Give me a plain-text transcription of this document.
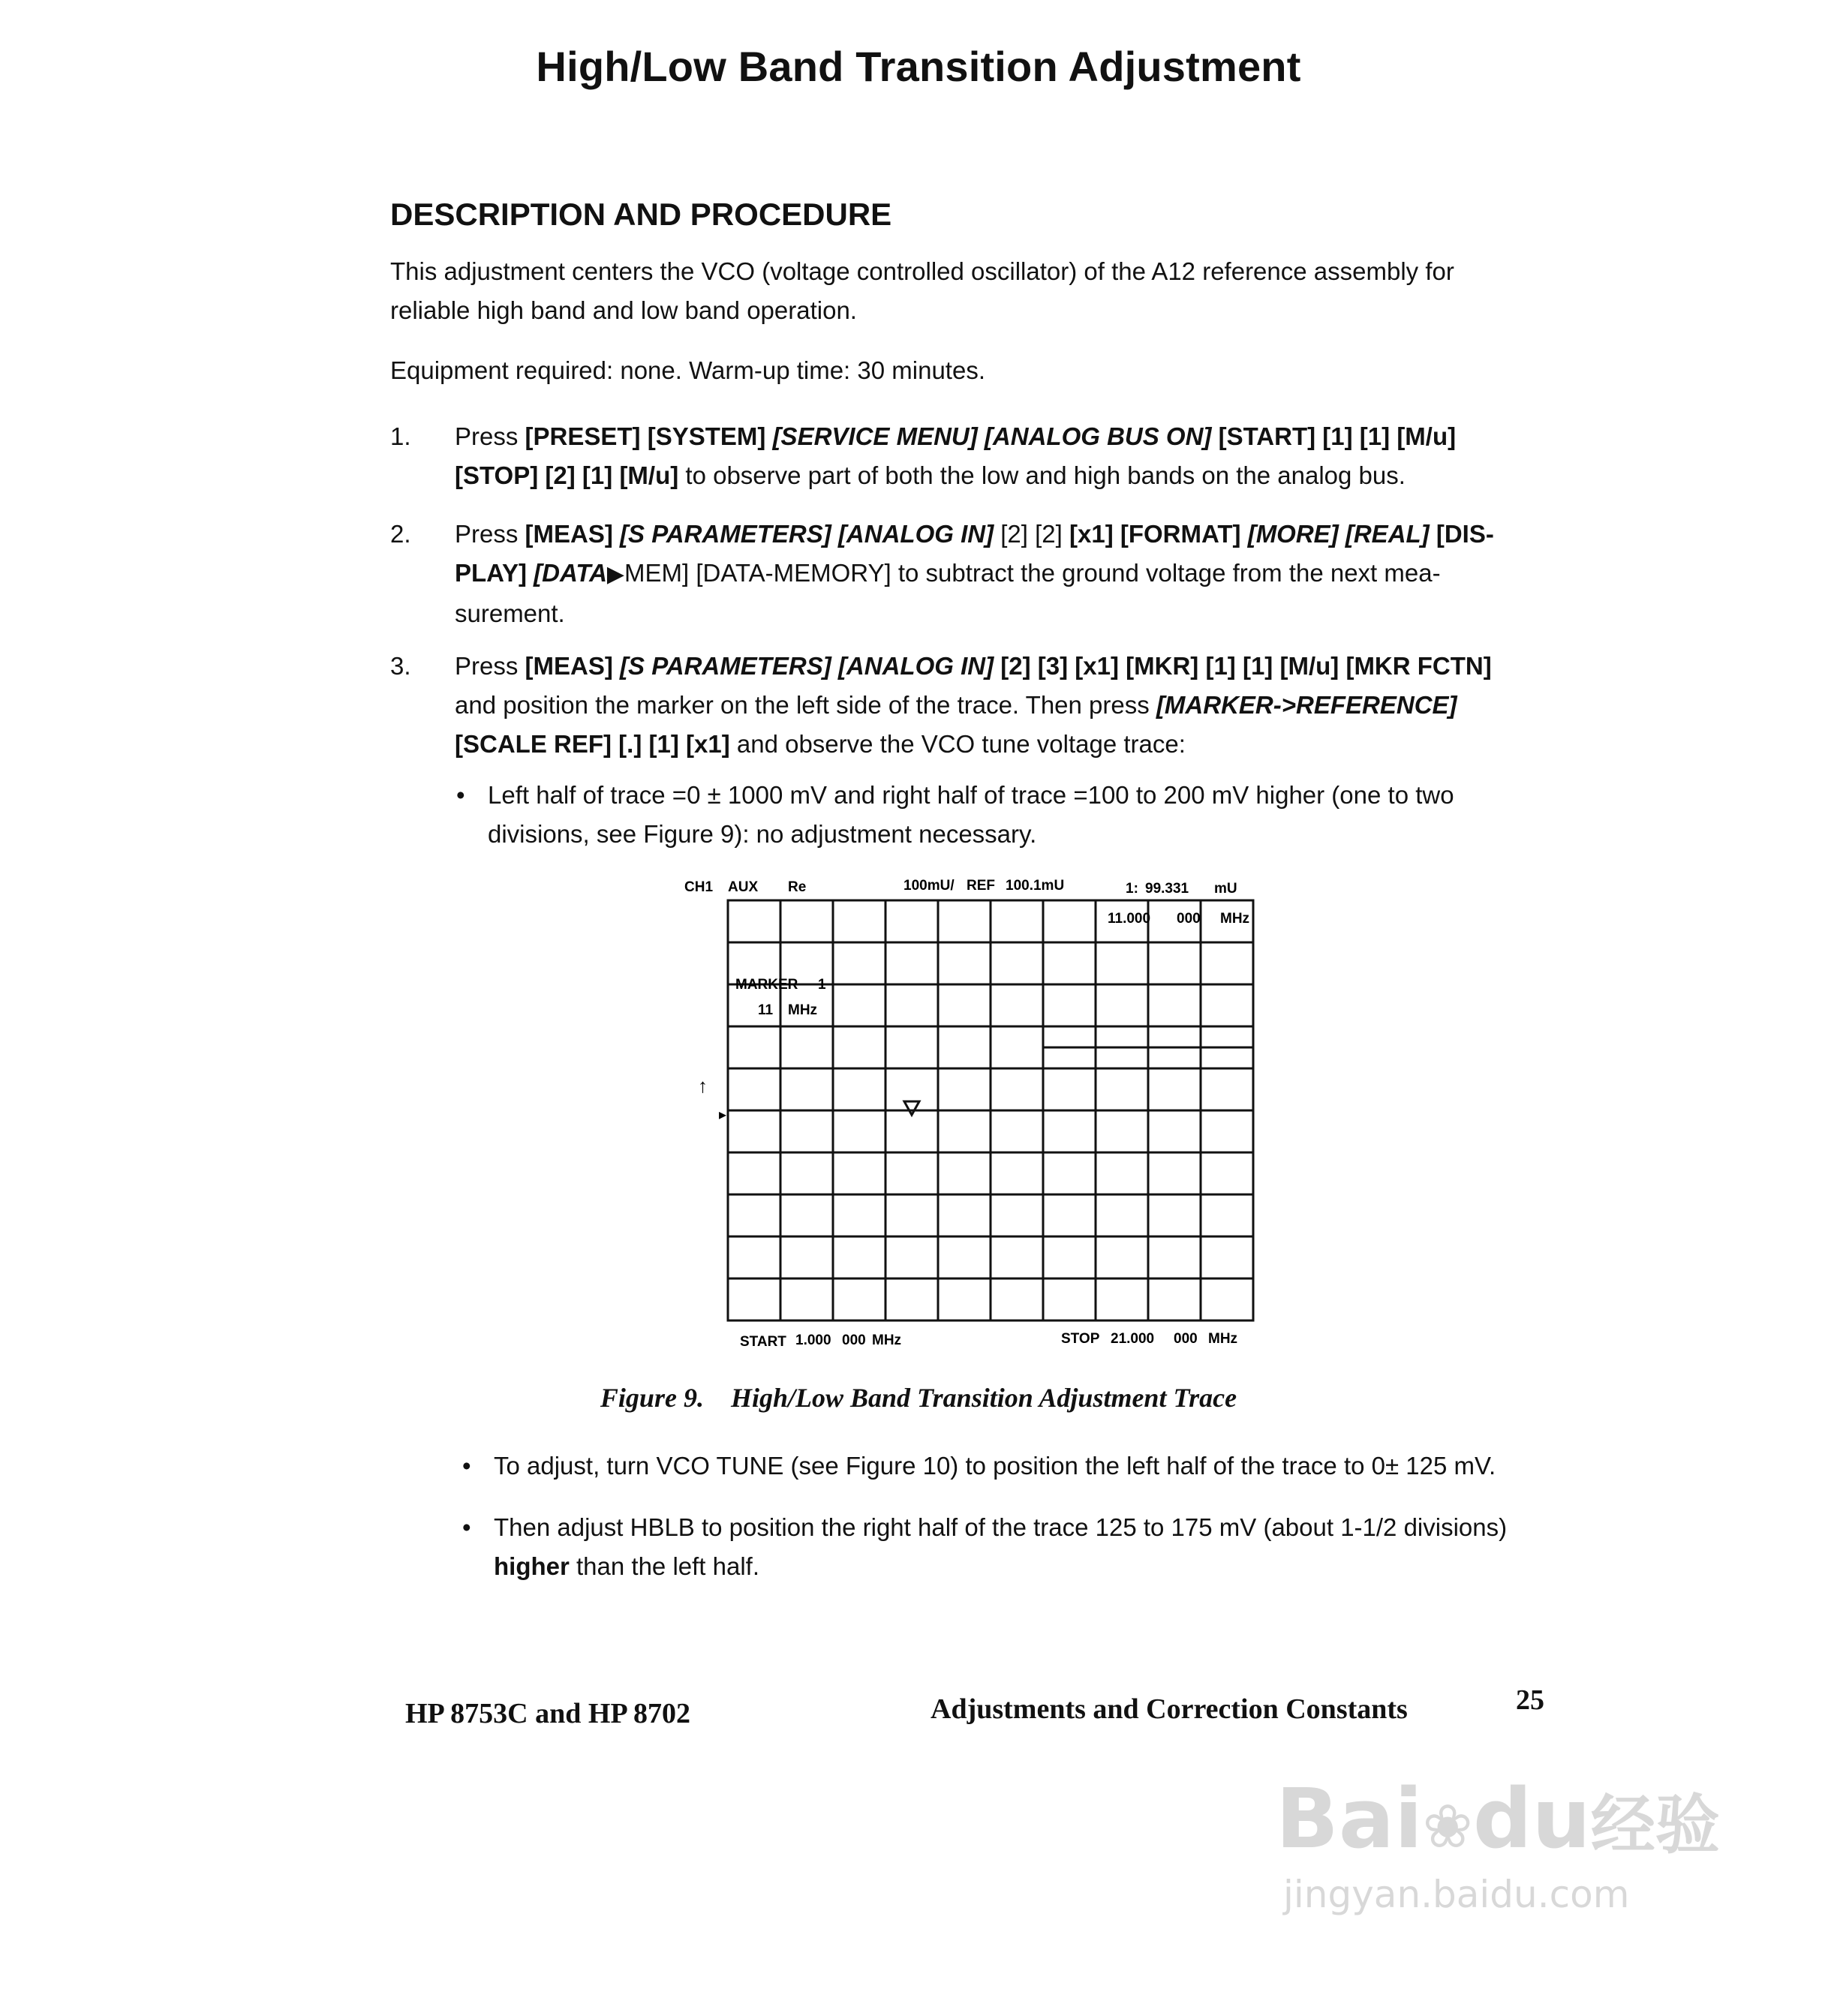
High/Low Band Transition Adjustment
DESCRIPTION AND PROCEDURE
This adjustment centers the VCO (voltage controlled oscillator) of the A12 reference assembly for
reliable high band and low band operation.
Equipment required: none. Warm-up time: 30 minutes.
1. Press [PRESET] [SYSTEM] [SERVICE MENU] [ANALOG BUS ON] [START] [1] [1] [M/u]
[STOP] [2] [1] [M/u] to observe part of both the low and high bands on the analog bus.
2. Press [MEAS] [S PARAMETERS] [ANALOG IN] [2] [2] [x1] [FORMAT] [MORE] [REAL] [DIS-
PLAY] [DATA▶MEM] [DATA-MEMORY] to subtract the ground voltage from the next mea-
surement.
3. Press [MEAS] [S PARAMETERS] [ANALOG IN] [2] [3] [x1] [MKR] [1] [1] [M/u] [MKR FCTN]
and position the marker on the left side of the trace. Then press [MARKER->REFERENCE]
[SCALE REF] [.] [1] [x1] and observe the VCO tune voltage trace:
• Left half of trace =0 ± 1000 mV and right half of trace =100 to 200 mV higher (one to two
divisions, see Figure 9): no adjustment necessary.
CH1 AUX Re	100mU/ REF 100.1mU	1: 99.331 mU
11.000 000 MHz
MARKER 1
11 MHz
↑
▸
START 1.000 000 MHz	STOP 21.000 000 MHz
Figure 9. High/Low Band Transition Adjustment Trace
• To adjust, turn VCO TUNE (see Figure 10) to position the left half of the trace to 0± 125 mV.
• Then adjust HBLB to position the right half of the trace 125 to 175 mV (about 1-1/2 divisions)
higher than the left half.
HP 8753C and HP 8702	Adjustments and Correction Constants	25
Bai❀du经验
jingyan.baidu.com
